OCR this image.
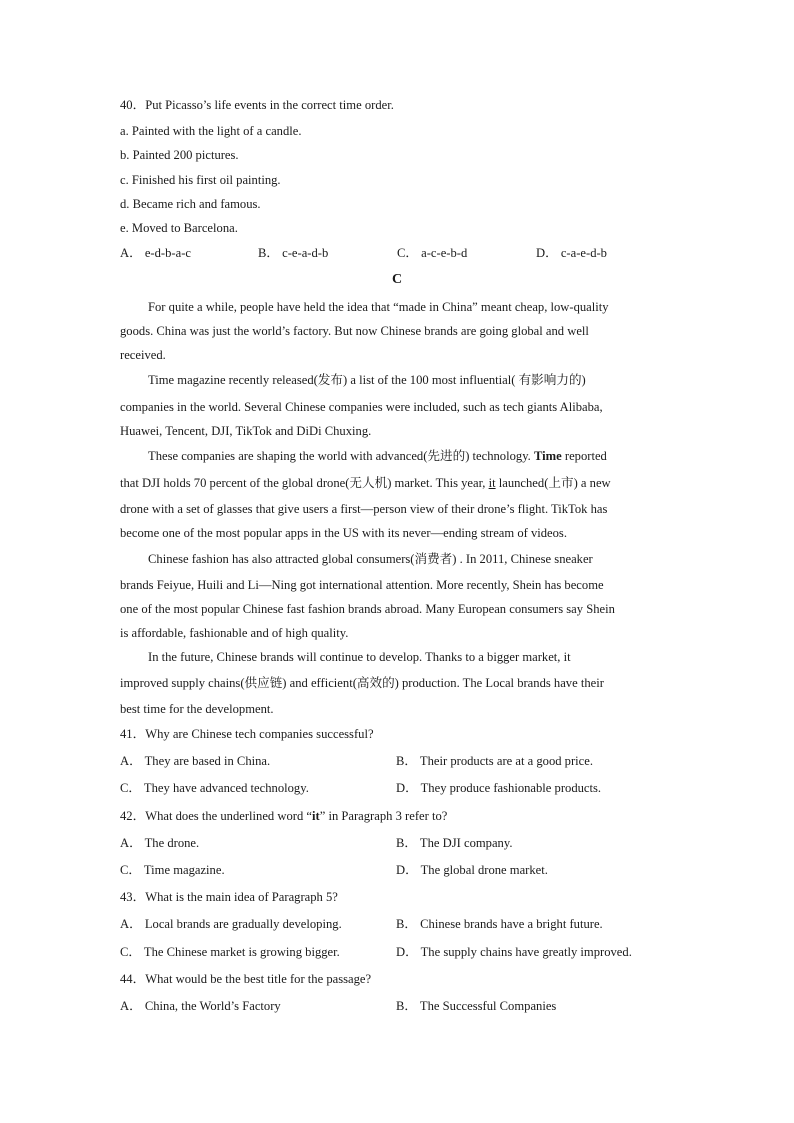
40．Put Picasso’s life events in the correct time order.
a. Painted with the light of a candle.
b. Painted 200 pictures.
c. Finished his first oil painting.
d. Became rich and famous.
e. Moved to Barcelona.
A． e-d-b-a-c	B． c-e-a-d-b	C． a-c-e-b-d	D． c-a-e-d-b
C
For quite a while, people have held the idea that “made in China” meant cheap, low-quality
goods. China was just the world’s factory. But now Chinese brands are going global and well
received.
Time magazine recently released(发布) a list of the 100 most influential( 有影响力的)
companies in the world. Several Chinese companies were included, such as tech giants Alibaba,
Huawei, Tencent, DJI, TikTok and DiDi Chuxing.
These companies are shaping the world with advanced(先进的) technology. Time reported
that DJI holds 70 percent of the global drone(无人机) market. This year, it launched(上市) a new
drone with a set of glasses that give users a first—person view of their drone’s flight. TikTok has
become one of the most popular apps in the US with its never—ending stream of videos.
Chinese fashion has also attracted global consumers(消费者) . In 2011, Chinese sneaker
brands Feiyue, Huili and Li—Ning got international attention. More recently, Shein has become
one of the most popular Chinese fast fashion brands abroad. Many European consumers say Shein
is affordable, fashionable and of high quality.
In the future, Chinese brands will continue to develop. Thanks to a bigger market, it
improved supply chains(供应链) and efficient(高效的) production. The Local brands have their
best time for the development.
41．Why are Chinese tech companies successful?
A． They are based in China.	B． Their products are at a good price.
C． They have advanced technology.	D． They produce fashionable products.
42．What does the underlined word “it” in Paragraph 3 refer to?
A． The drone.	B． The DJI company.
C． Time magazine.	D． The global drone market.
43．What is the main idea of Paragraph 5?
A． Local brands are gradually developing.	B． Chinese brands have a bright future.
C． The Chinese market is growing bigger.	D． The supply chains have greatly improved.
44．What would be the best title for the passage?
A． China, the World’s Factory	B． The Successful Companies
